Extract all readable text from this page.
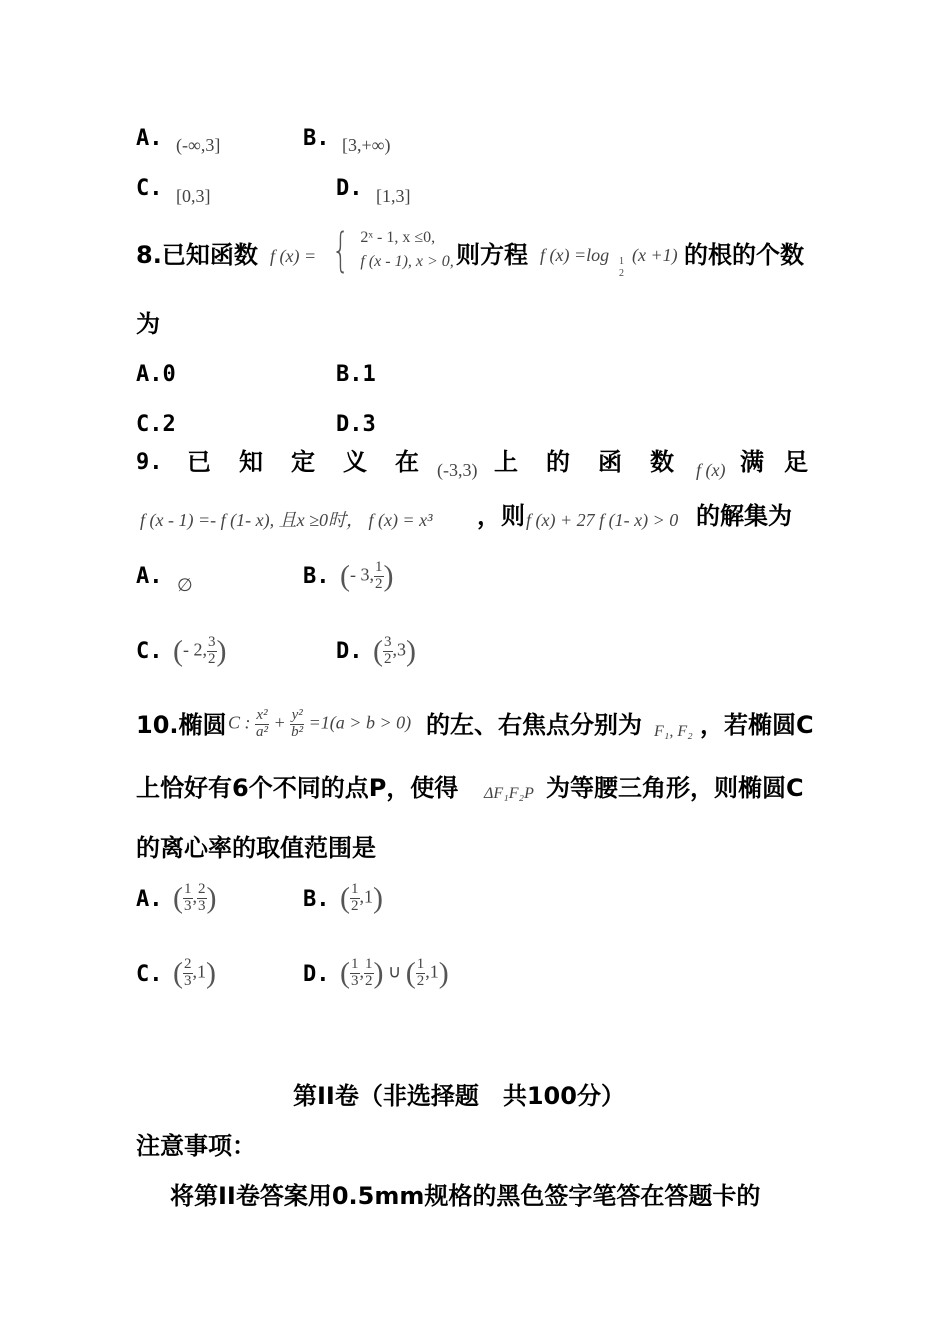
A. (-∞,3]	B. [3,+∞)
C. [0,3]	D. [1,3]
8.已知函数 f (x) = { 2ˣ - 1, x ≤0,
f (x - 1), x > 0, 则方程 f (x) =log 1
2
(x +1) 的根的个数
为
A.0	B.1
C.2	D.3
9. 已知定义在
(-3,3) 上的函数
f (x) 满足
f (x - 1) =- f (1- x), 且x ≥0时， f (x) = x³ ，则 f (x) + 27 f (1- x) > 0 的解集为
A. ∅	B. (- 3, $\frac{1}{2}$ )
C. (- 2, $\frac{3}{2}$ )	D. ( $\frac{3}{2} ,3$)
10.椭圆 C : $\frac{\text{x²}}{\text{a²}} + \frac{\text{y²}}{\text{b²}} =1(a > b > 0)$ 的左、右焦点分别为 F₁, F₂ ，若椭圆C
上恰好有6个不同的点P，使得 ΔF₁F₂P 为等腰三角形，则椭圆C
的离心率的取值范围是
A. ( $\frac{1}{3}$ , $\frac{2}{3}$ )	B. ( $\frac{1}{2} ,1$)
C. ( $\frac{2}{3} ,1$)	D. ( $\frac{1}{3}$ , $\frac{1}{2}$ ) ∪ ( $\frac{1}{2} ,1$)
第II卷（非选择题　共100分）
注意事项：
将第II卷答案用0.5mm规格的黑色签字笔答在答题卡的
